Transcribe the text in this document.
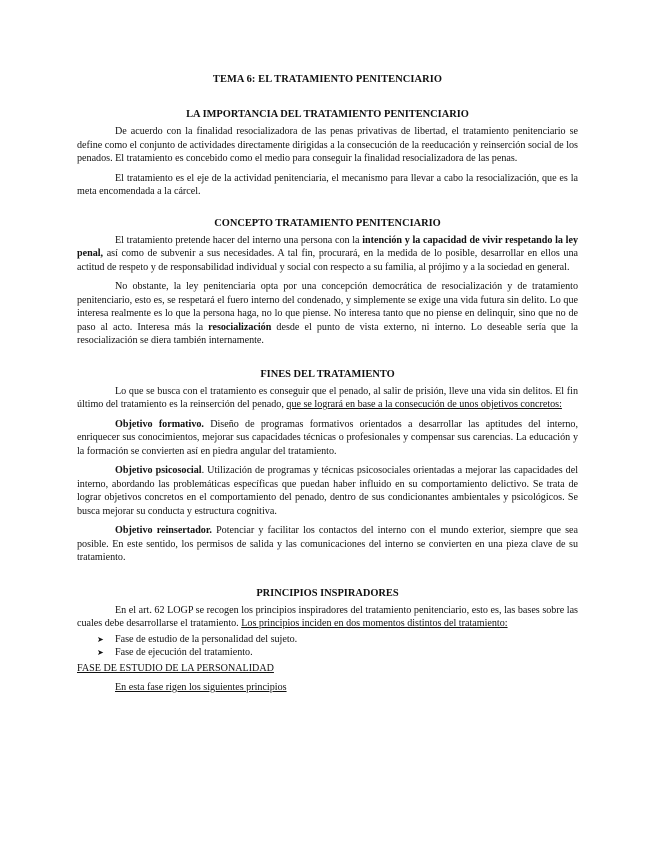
TEMA 6: EL TRATAMIENTO PENITENCIARIO
LA IMPORTANCIA DEL TRATAMIENTO PENITENCIARIO

De acuerdo con la finalidad resocializadora de las penas privativas de libertad, el tratamiento penitenciario se define como el conjunto de actividades directamente dirigidas a la consecución de la reeducación y reinserción social de los penados. El tratamiento es concebido como el medio para conseguir la finalidad resocializadora de las penas.

El tratamiento es el eje de la actividad penitenciaria, el mecanismo para llevar a cabo la resocialización, que es la meta encomendada a la cárcel.

CONCEPTO TRATAMIENTO PENITENCIARIO

El tratamiento pretende hacer del interno una persona con la intención y la capacidad de vivir respetando la ley penal, así como de subvenir a sus necesidades. A tal fin, procurará, en la medida de lo posible, desarrollar en ellos una actitud de respeto y de responsabilidad individual y social con respecto a su familia, al prójimo y a la sociedad en general.

No obstante, la ley penitenciaria opta por una concepción democrática de resocialización y de tratamiento penitenciario, esto es, se respetará el fuero interno del condenado, y simplemente se exige una vida futura sin delito. Lo que interesa realmente es lo que la persona haga, no lo que piense. No interesa tanto que no piense en delinquir, sino que no de paso al acto. Interesa más la resocialización desde el punto de vista externo, ni interno. Lo deseable sería que la resocialización se diera también internamente.

FINES DEL TRATAMIENTO

Lo que se busca con el tratamiento es conseguir que el penado, al salir de prisión, lleve una vida sin delitos. El fin último del tratamiento es la reinserción del penado, que se logrará en base a la consecución de unos objetivos concretos:

Objetivo formativo. Diseño de programas formativos orientados a desarrollar las aptitudes del interno, enriquecer sus conocimientos, mejorar sus capacidades técnicas o profesionales y compensar sus carencias. La educación y la formación se convierten así en piedra angular del tratamiento.

Objetivo psicosocial. Utilización de programas y técnicas psicosociales orientadas a mejorar las capacidades del interno, abordando las problemáticas específicas que puedan haber influido en su comportamiento delictivo. Se trata de lograr objetivos concretos en el comportamiento del penado, dentro de sus condicionantes ambientales y psicológicos. Se busca mejorar su conducta y estructura cognitiva.

Objetivo reinsertador. Potenciar y facilitar los contactos del interno con el mundo exterior, siempre que sea posible. En este sentido, los permisos de salida y las comunicaciones del interno se convierten en una pieza clave de su tratamiento.

PRINCIPIOS INSPIRADORES

En el art. 62 LOGP se recogen los principios inspiradores del tratamiento penitenciario, esto es, las bases sobre las cuales debe desarrollarse el tratamiento. Los principios inciden en dos momentos distintos del tratamiento:

➤ Fase de estudio de la personalidad del sujeto.
➤ Fase de ejecución del tratamiento.
FASE DE ESTUDIO DE LA PERSONALIDAD
En esta fase rigen los siguientes principios
